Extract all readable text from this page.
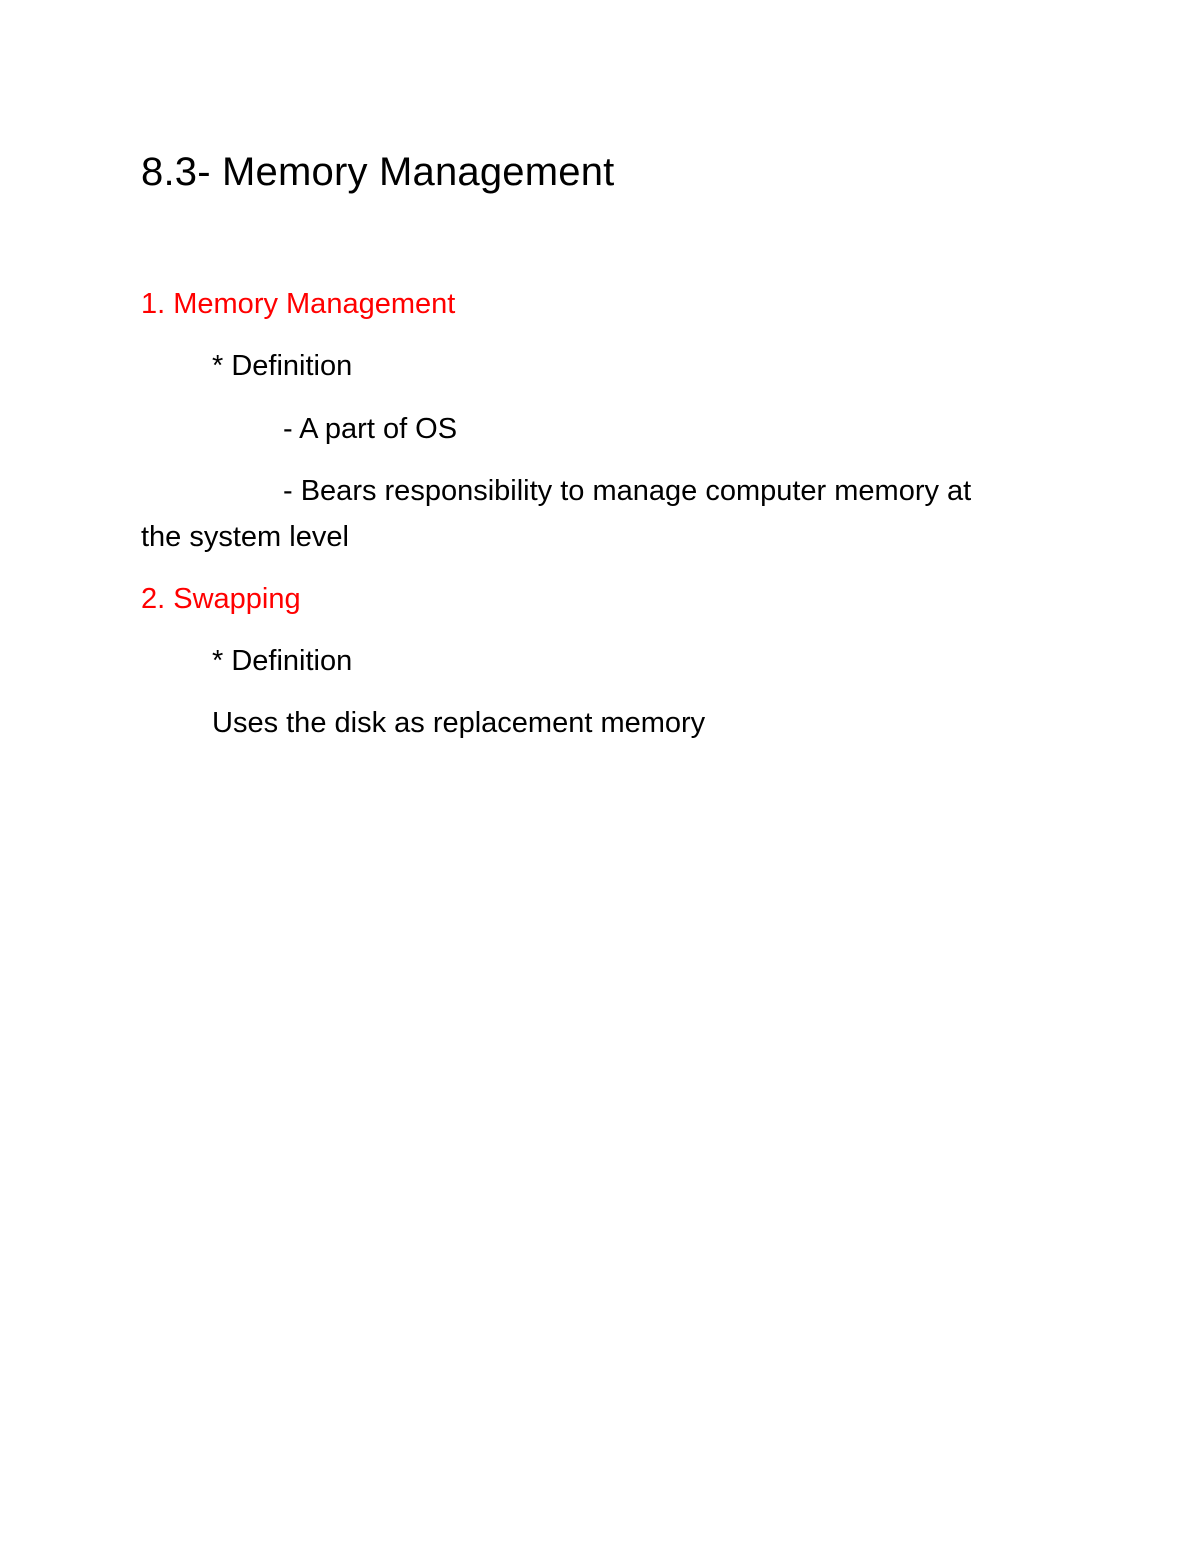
8.3- Memory Management
1. Memory Management
* Definition
- A part of OS
- Bears responsibility to manage computer memory at
the system level
2. Swapping
* Definition
Uses the disk as replacement memory
